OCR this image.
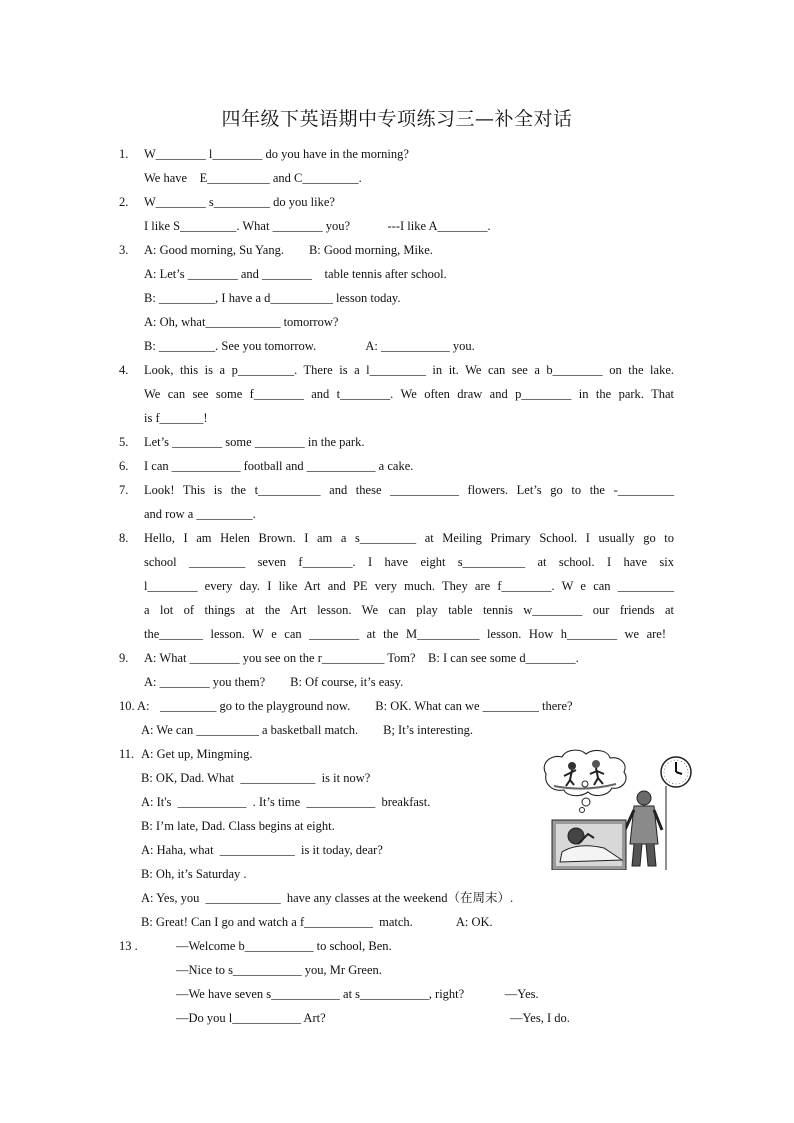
四年级下英语期中专项练习三—补全对话
1. W________ l________ do you have in the morning?
We have    E__________ and C_________.
2. W________ s_________ do you like?
I like S_________. What ________ you?            ---I like A________.
3. A: Good morning, Su Yang.        B: Good morning, Mike.
A: Let’s ________ and ________    table tennis after school.
B: _________, I have a d__________ lesson today.
A: Oh, what____________ tomorrow?
B: _________. See you tomorrow.                A: ___________ you.
4. Look, this is a p_________. There is a l_________ in it. We can see a b________ on the lake.
We can see some f________ and t________. We often draw and p________ in the park. That
is f_______!
5. Let’s ________ some ________ in the park.
6. I can ___________ football and ___________ a cake.
7. Look! This is the t__________ and these ___________ flowers. Let’s go to the -_________
and row a _________.
8. Hello, I am Helen Brown. I am a s_________ at Meiling Primary School. I usually go to
school _________ seven f________. I have eight s__________ at school. I have six
l________ every day. I like Art and PE very much. They are f________. W e can _________
a lot of things at the Art lesson. We can play table tennis w________ our friends at
the_______ lesson. W e can ________ at the M__________ lesson. How h________ we are!
9. A: What ________ you see on the r__________ Tom?    B: I can see some d________.
A: ________ you them?        B: Of course, it’s easy.
10. A: _________ go to the playground now.        B: OK. What can we _________ there?
A: We can __________ a basketball match.        B; It’s interesting.
11. A: Get up, Mingming.
B: OK, Dad. What  ____________  is it now?
A: It's  ___________  . It’s time  ___________  breakfast.
B: I’m late, Dad. Class begins at eight.
A: Haha, what  ____________  is it today, dear?
B: Oh, it’s Saturday .
A: Yes, you  ____________  have any classes at the weekend（在周末）.
B: Great! Can I go and watch a f___________  match.              A: OK.
13 .	—Welcome b___________ to school, Ben.
—Nice to s___________ you, Mr Green.
—We have seven s___________ at s___________, right?             —Yes.
—Do you l___________ Art?                                                           —Yes, I do.
